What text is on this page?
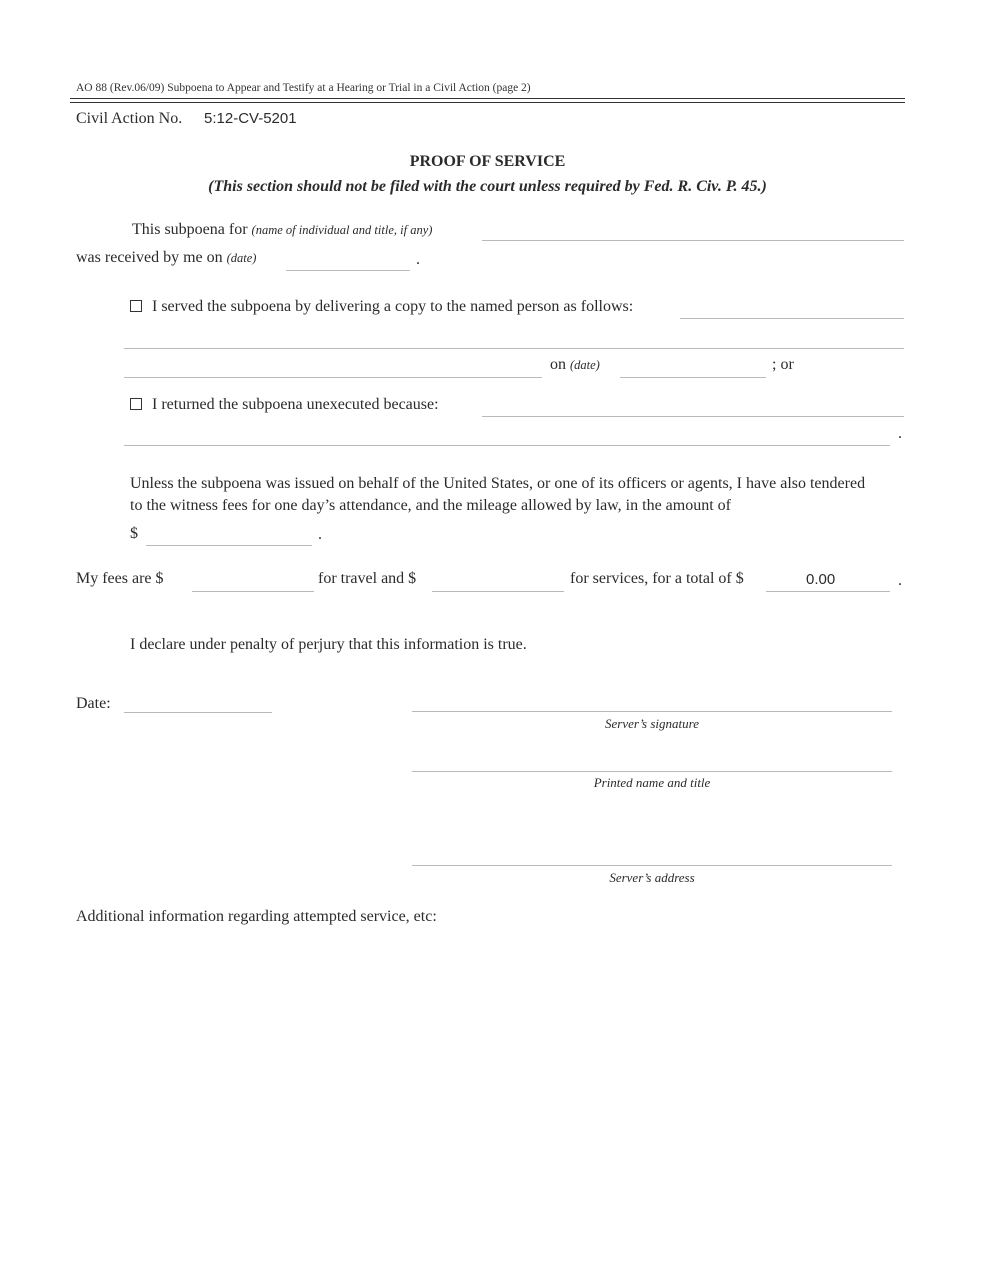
AO 88 (Rev.06/09) Subpoena to Appear and Testify at a Hearing or Trial in a Civil Action (page 2)
Civil Action No. 5:12-CV-5201
PROOF OF SERVICE
(This section should not be filed with the court unless required by Fed. R. Civ. P. 45.)
This subpoena for (name of individual and title, if any)
was received by me on (date)	.
I served the subpoena by delivering a copy to the named person as follows:
on (date)	; or
I returned the subpoena unexecuted because:
.
Unless the subpoena was issued on behalf of the United States, or one of its officers or agents, I have also tendered to the witness fees for one day’s attendance, and the mileage allowed by law, in the amount of
$	.
My fees are $	for travel and $	for services, for a total of $	0.00	.
I declare under penalty of perjury that this information is true.
Date:
Server’s signature
Printed name and title
Server’s address
Additional information regarding attempted service, etc:
